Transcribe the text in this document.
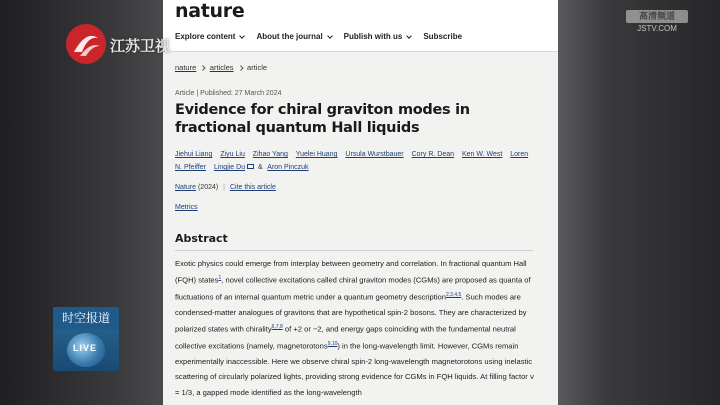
nature
Explore content	About the journal	Publish with us	Subscribe
nature articles article
Article | Published: 27 March 2024
Evidence for chiral graviton modes in fractional quantum Hall liquids
Jiehui Liang Ziyu Liu Zihao Yang Yuelei Huang Ursula Wurstbauer Cory R. Dean Ken W. West Loren N. Pfeiffer Lingjie Du & Aron Pinczuk
Nature (2024) | Cite this article
Metrics
Abstract
Exotic physics could emerge from interplay between geometry and correlation. In fractional quantum Hall (FQH) states$^1$, novel collective excitations called chiral graviton modes (CGMs) are proposed as quanta of fluctuations of an internal quantum metric under a quantum geometry description$^{2,3,4,5}$. Such modes are condensed-matter analogues of gravitons that are hypothetical spin-2 bosons. They are characterized by polarized states with chirality$^{6,7,8}$ of +2 or −2, and energy gaps coinciding with the fundamental neutral collective excitations (namely, magnetorotons$^{9,10}$) in the long-wavelength limit. However, CGMs remain experimentally inaccessible. Here we observe chiral spin-2 long-wavelength magnetorotons using inelastic scattering of circularly polarized lights, providing strong evidence for CGMs in FQH liquids. At filling factor ν = 1/3, a gapped mode identified as the long-wavelength
江苏卫视
高清频道
JSTV.COM
时空报道
LIVE
